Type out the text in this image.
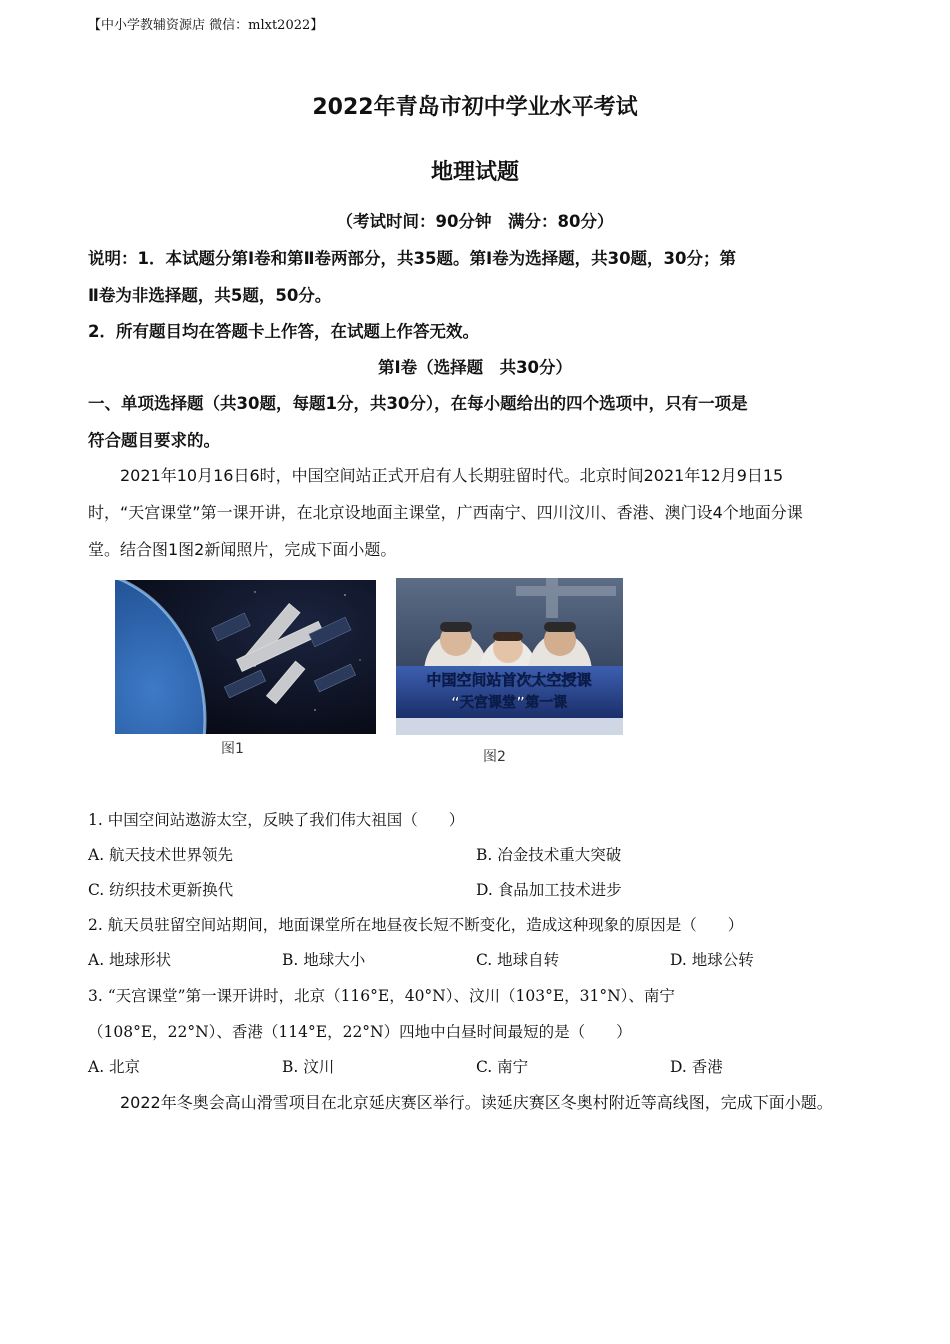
【中小学教辅资源店 微信：mlxt2022】
2022年青岛市初中学业水平考试
地理试题
（考试时间：90分钟　满分：80分）
说明：1．本试题分第Ⅰ卷和第Ⅱ卷两部分，共35题。第Ⅰ卷为选择题，共30题，30分；第
Ⅱ卷为非选择题，共5题，50分。
2．所有题目均在答题卡上作答，在试题上作答无效。
第Ⅰ卷（选择题　共30分）
一、单项选择题（共30题，每题1分，共30分），在每小题给出的四个选项中，只有一项是
符合题目要求的。
2021年10月16日6时，中国空间站正式开启有人长期驻留时代。北京时间2021年12月9日15
时，“天宫课堂”第一课开讲，在北京设地面主课堂，广西南宁、四川汶川、香港、澳门设4个地面分课
堂。结合图1图2新闻照片，完成下面小题。
图1
中国空间站首次太空授课
“天宫课堂”第一课
图2
1. 中国空间站遨游太空，反映了我们伟大祖国（　　）
A. 航天技术世界领先	B. 冶金技术重大突破
C. 纺织技术更新换代	D. 食品加工技术进步
2. 航天员驻留空间站期间，地面课堂所在地昼夜长短不断变化，造成这种现象的原因是（　　）
A. 地球形状	B. 地球大小	C. 地球自转	D. 地球公转
3. “天宫课堂”第一课开讲时，北京（116°E，40°N）、汶川（103°E，31°N）、南宁
（108°E，22°N）、香港（114°E，22°N）四地中白昼时间最短的是（　　）
A. 北京	B. 汶川	C. 南宁	D. 香港
2022年冬奥会高山滑雪项目在北京延庆赛区举行。读延庆赛区冬奥村附近等高线图，完成下面小题。
